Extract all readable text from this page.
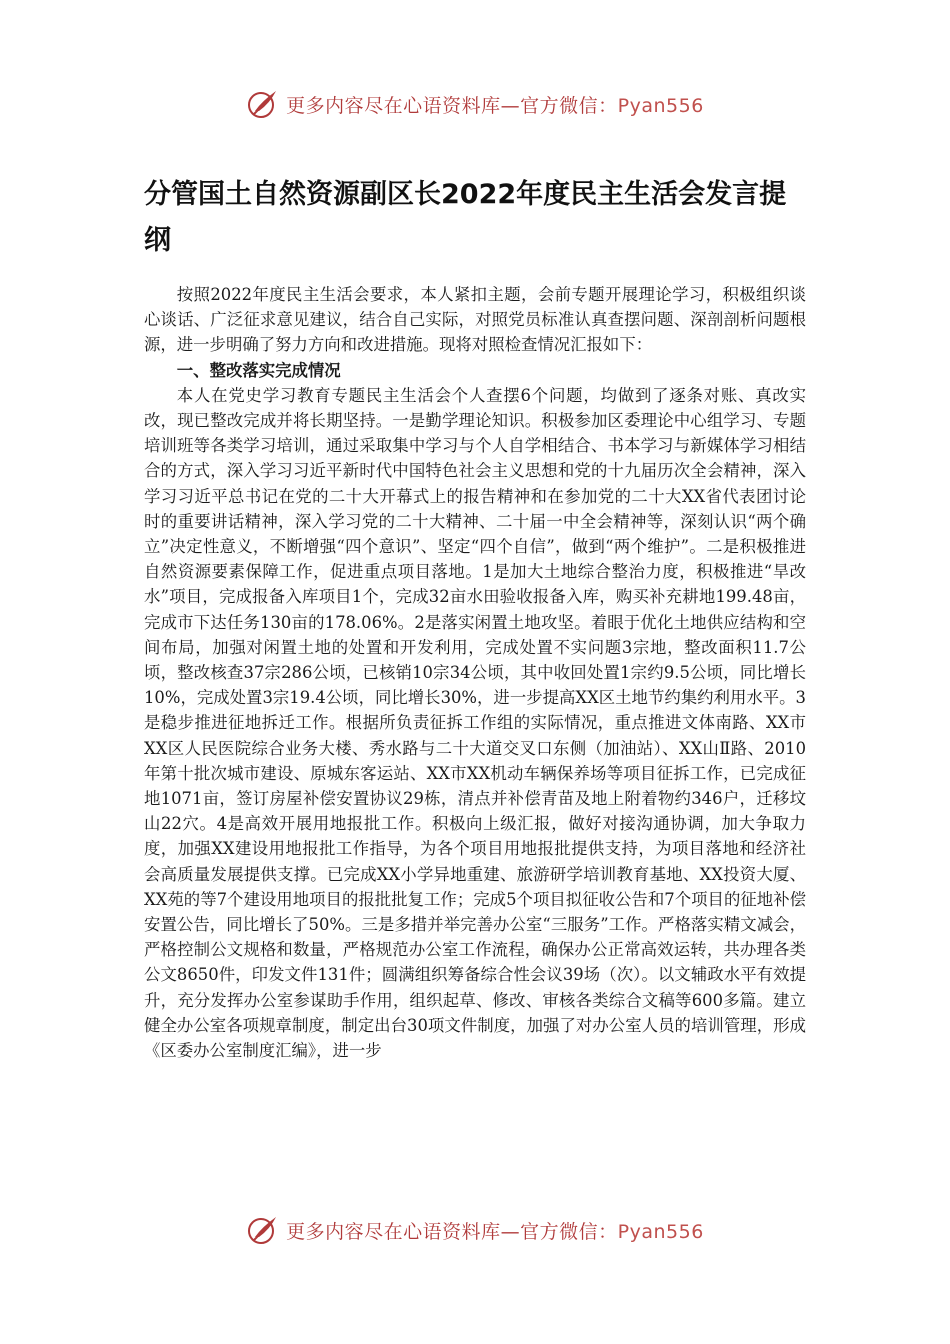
更多内容尽在心语资料库—官方微信：Pyan556
分管国土自然资源副区长2022年度民主生活会发言提纲

按照2022年度民主生活会要求，本人紧扣主题，会前专题开展理论学习，积极组织谈心谈话、广泛征求意见建议，结合自己实际，对照党员标准认真查摆问题、深剖剖析问题根源，进一步明确了努力方向和改进措施。现将对照检查情况汇报如下：

一、整改落实完成情况

本人在党史学习教育专题民主生活会个人查摆6个问题，均做到了逐条对账、真改实改，现已整改完成并将长期坚持。一是勤学理论知识。积极参加区委理论中心组学习、专题培训班等各类学习培训，通过采取集中学习与个人自学相结合、书本学习与新媒体学习相结合的方式，深入学习习近平新时代中国特色社会主义思想和党的十九届历次全会精神，深入学习习近平总书记在党的二十大开幕式上的报告精神和在参加党的二十大XX省代表团讨论时的重要讲话精神，深入学习党的二十大精神、二十届一中全会精神等，深刻认识“两个确立”决定性意义，不断增强“四个意识”、坚定“四个自信”，做到“两个维护”。二是积极推进自然资源要素保障工作，促进重点项目落地。1是加大土地综合整治力度，积极推进“旱改水”项目，完成报备入库项目1个，完成32亩水田验收报备入库，购买补充耕地199.48亩，完成市下达任务130亩的178.06%。2是落实闲置土地攻坚。着眼于优化土地供应结构和空间布局，加强对闲置土地的处置和开发利用，完成处置不实问题3宗地，整改面积11.7公顷，整改核查37宗286公顷，已核销10宗34公顷，其中收回处置1宗约9.5公顷，同比增长10%，完成处置3宗19.4公顷，同比增长30%，进一步提高XX区土地节约集约利用水平。3是稳步推进征地拆迁工作。根据所负责征拆工作组的实际情况，重点推进文体南路、XX市XX区人民医院综合业务大楼、秀水路与二十大道交叉口东侧（加油站）、XX山Ⅱ路、2010年第十批次城市建设、原城东客运站、XX市XX机动车辆保养场等项目征拆工作，已完成征地1071亩，签订房屋补偿安置协议29栋，清点并补偿青苗及地上附着物约346户，迁移坟山22穴。4是高效开展用地报批工作。积极向上级汇报，做好对接沟通协调，加大争取力度，加强XX建设用地报批工作指导，为各个项目用地报批提供支持，为项目落地和经济社会高质量发展提供支撑。已完成XX小学异地重建、旅游研学培训教育基地、XX投资大厦、XX苑的等7个建设用地项目的报批批复工作；完成5个项目拟征收公告和7个项目的征地补偿安置公告，同比增长了50%。三是多措并举完善办公室“三服务”工作。严格落实精文减会，严格控制公文规格和数量，严格规范办公室工作流程，确保办公正常高效运转，共办理各类公文8650件，印发文件131件；圆满组织筹备综合性会议39场（次）。以文辅政水平有效提升，充分发挥办公室参谋助手作用，组织起草、修改、审核各类综合文稿等600多篇。建立健全办公室各项规章制度，制定出台30项文件制度，加强了对办公室人员的培训管理，形成《区委办公室制度汇编》，进一步

更多内容尽在心语资料库—官方微信：Pyan556
